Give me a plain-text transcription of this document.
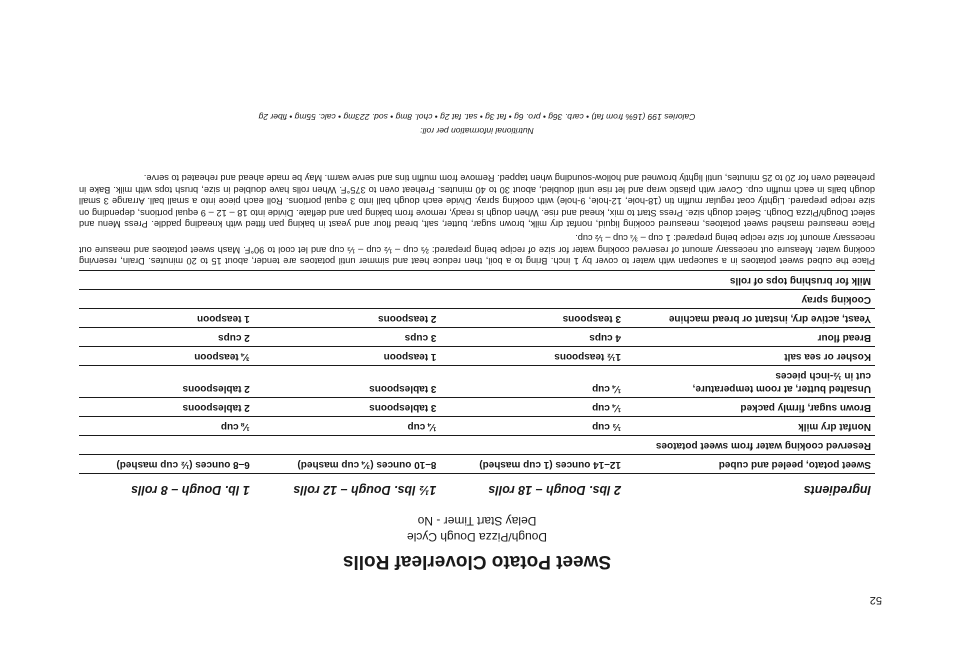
52
Sweet Potato Cloverleaf Rolls
Dough/Pizza Dough Cycle
Delay Start Timer - No
Ingredients	2 lbs. Dough – 18 rolls	1½ lbs. Dough – 12 rolls	1 lb. Dough – 8 rolls

Sweet potato, peeled and cubed	12–14 ounces (1 cup mashed)	8–10 ounces (¾ cup mashed)	6–8 ounces (½ cup mashed)

Reserved cooking water from sweet potatoes			

Nonfat dry milk	⅓ cup	¼ cup	⅛ cup

Brown sugar, firmly packed	¼ cup	3 tablespoons	2 tablespoons

Unsalted butter, at room temperature,
cut in ½-inch pieces	¼ cup	3 tablespoons	2 tablespoons

Kosher or sea salt	1½ teaspoons	1 teaspoon	¾ teaspoon

Bread flour	4 cups	3 cups	2 cups

Yeast, active dry, instant or bread machine	3 teaspoons	2 teaspoons	1 teaspoon

Cooking spray			

Milk for brushing tops of rolls			

Place the cubed sweet potatoes in a saucepan with water to cover by 1 inch. Bring to a boil, then reduce heat and simmer until potatoes are tender, about 15 to 20 minutes. Drain, reserving cooking water. Measure out necessary amount of reserved cooking water for size of recipe being prepared: ⅔ cup – ½ cup – ⅓ cup and let cool to 90°F. Mash sweet potatoes and measure out necessary amount for size recipe being prepared: 1 cup – ¾ cup – ½ cup.
Place measured mashed sweet potatoes, measured cooking liquid, nonfat dry milk, brown sugar, butter, salt, bread flour and yeast in baking pan fitted with kneading paddle. Press Menu and select Dough/Pizza Dough. Select dough size. Press Start to mix, knead and rise. When dough is ready, remove from baking pan and deflate. Divide into 18 – 12 – 9 equal portions, depending on size recipe prepared. Lightly coat regular muffin tin (18-hole, 12-hole, 9-hole) with cooking spray. Divide each dough ball into 3 equal portions. Roll each piece into a small ball. Arrange 3 small dough balls in each muffin cup. Cover with plastic wrap and let rise until doubled, about 30 to 40 minutes. Preheat oven to 375°F. When rolls have doubled in size, brush tops with milk. Bake in preheated oven for 20 to 25 minutes, until lightly browned and hollow-sounding when tapped. Remove from muffin tins and serve warm. May be made ahead and reheated to serve.
Nutritional information per roll:
Calories 199 (16% from fat) • carb. 36g • pro. 6g • fat 3g • sat. fat 2g • chol. 8mg • sod. 223mg • calc. 55mg • fiber 2g
